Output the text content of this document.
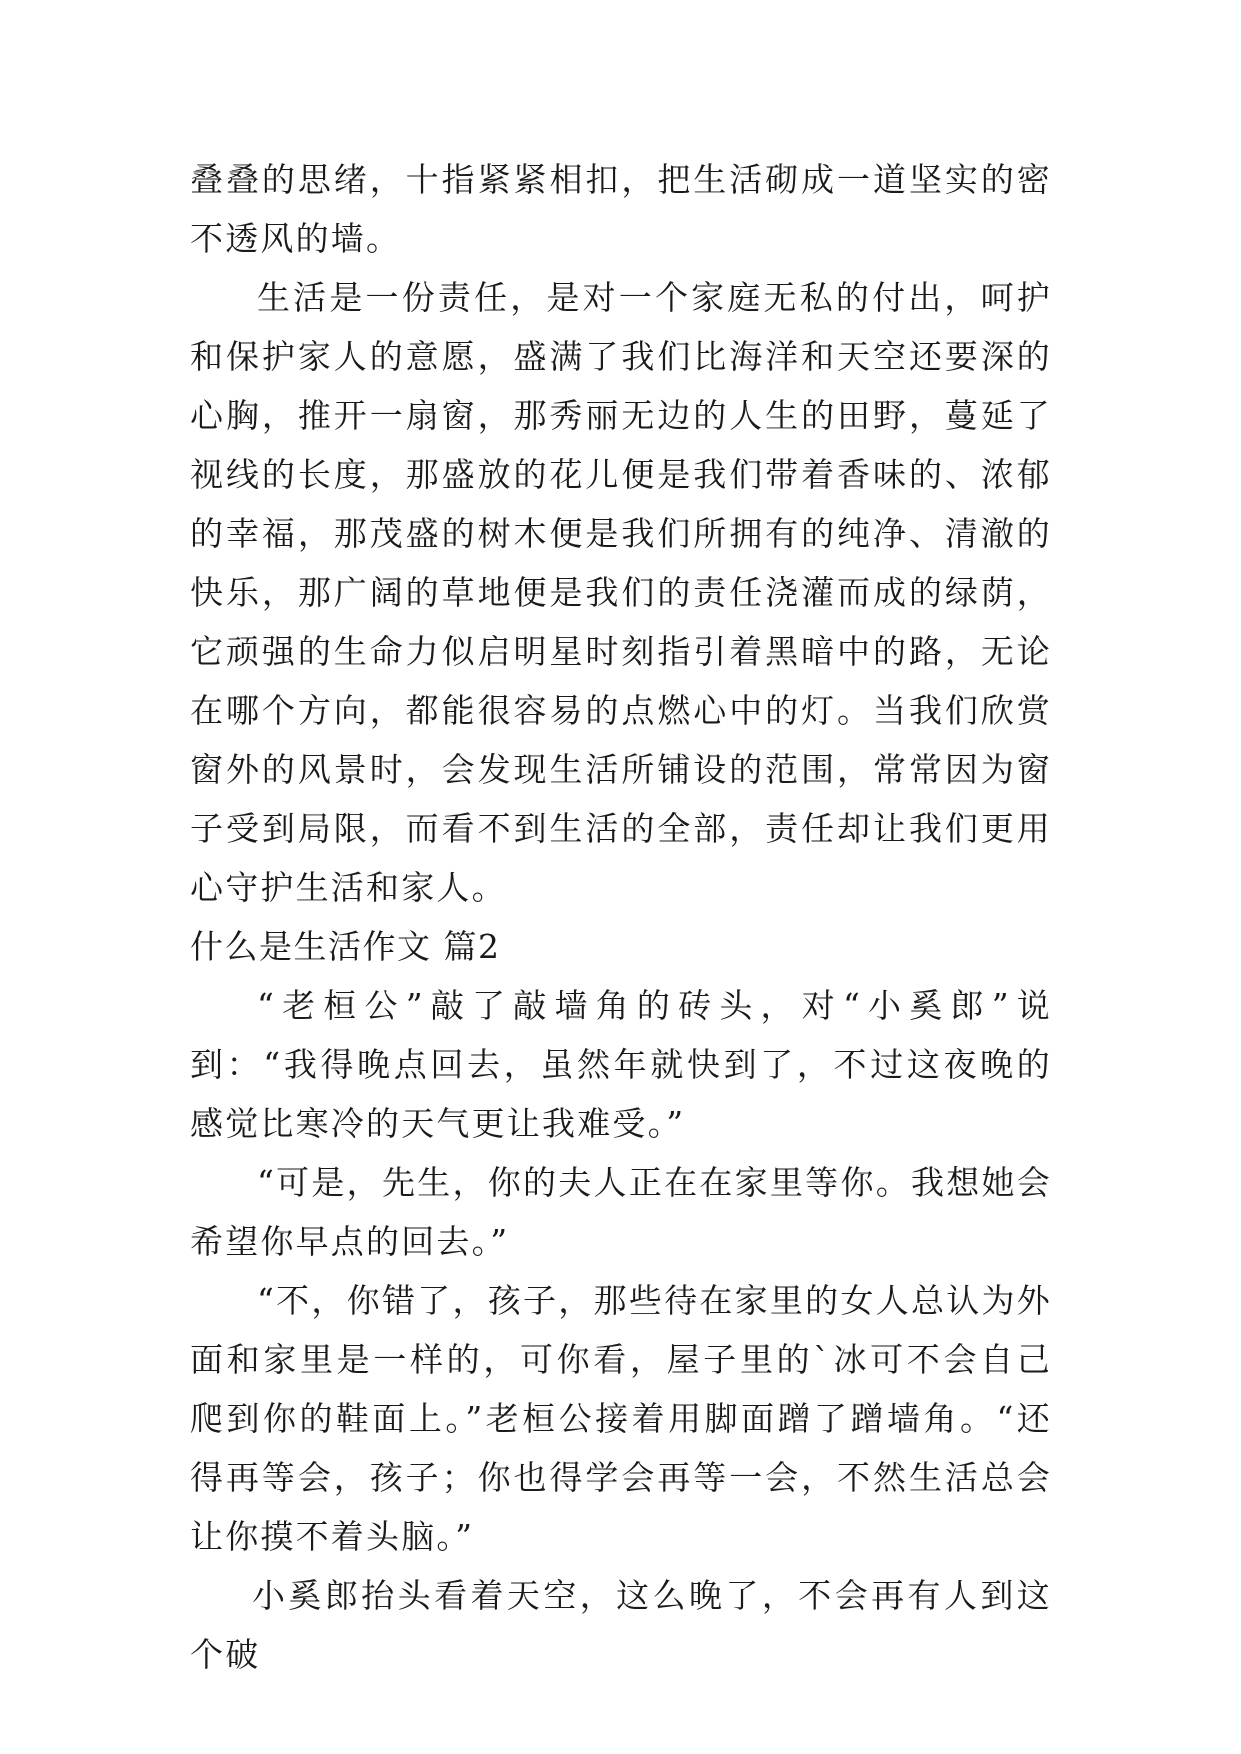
叠叠的思绪，十指紧紧相扣，把生活砌成一道坚实的密不透风的墙。

生活是一份责任，是对一个家庭无私的付出，呵护和保护家人的意愿，盛满了我们比海洋和天空还要深的心胸，推开一扇窗，那秀丽无边的人生的田野，蔓延了视线的长度，那盛放的花儿便是我们带着香味的、浓郁的幸福，那茂盛的树木便是我们所拥有的纯净、清澈的快乐，那广阔的草地便是我们的责任浇灌而成的绿荫，它顽强的生命力似启明星时刻指引着黑暗中的路，无论在哪个方向，都能很容易的点燃心中的灯。当我们欣赏窗外的风景时，会发现生活所铺设的范围，常常因为窗子受到局限，而看不到生活的全部，责任却让我们更用心守护生活和家人。

什么是生活作文 篇2

“老桓公”敲了敲墙角的砖头，对“小奚郎”说到：“我得晚点回去，虽然年就快到了，不过这夜晚的感觉比寒冷的天气更让我难受。”

“可是，先生，你的夫人正在在家里等你。我想她会希望你早点的回去。”

“不，你错了，孩子，那些待在家里的女人总认为外面和家里是一样的，可你看，屋子里的`冰可不会自己爬到你的鞋面上。”老桓公接着用脚面蹭了蹭墙角。“还得再等会，孩子；你也得学会再等一会，不然生活总会让你摸不着头脑。”

小奚郎抬头看着天空，这么晚了，不会再有人到这个破
